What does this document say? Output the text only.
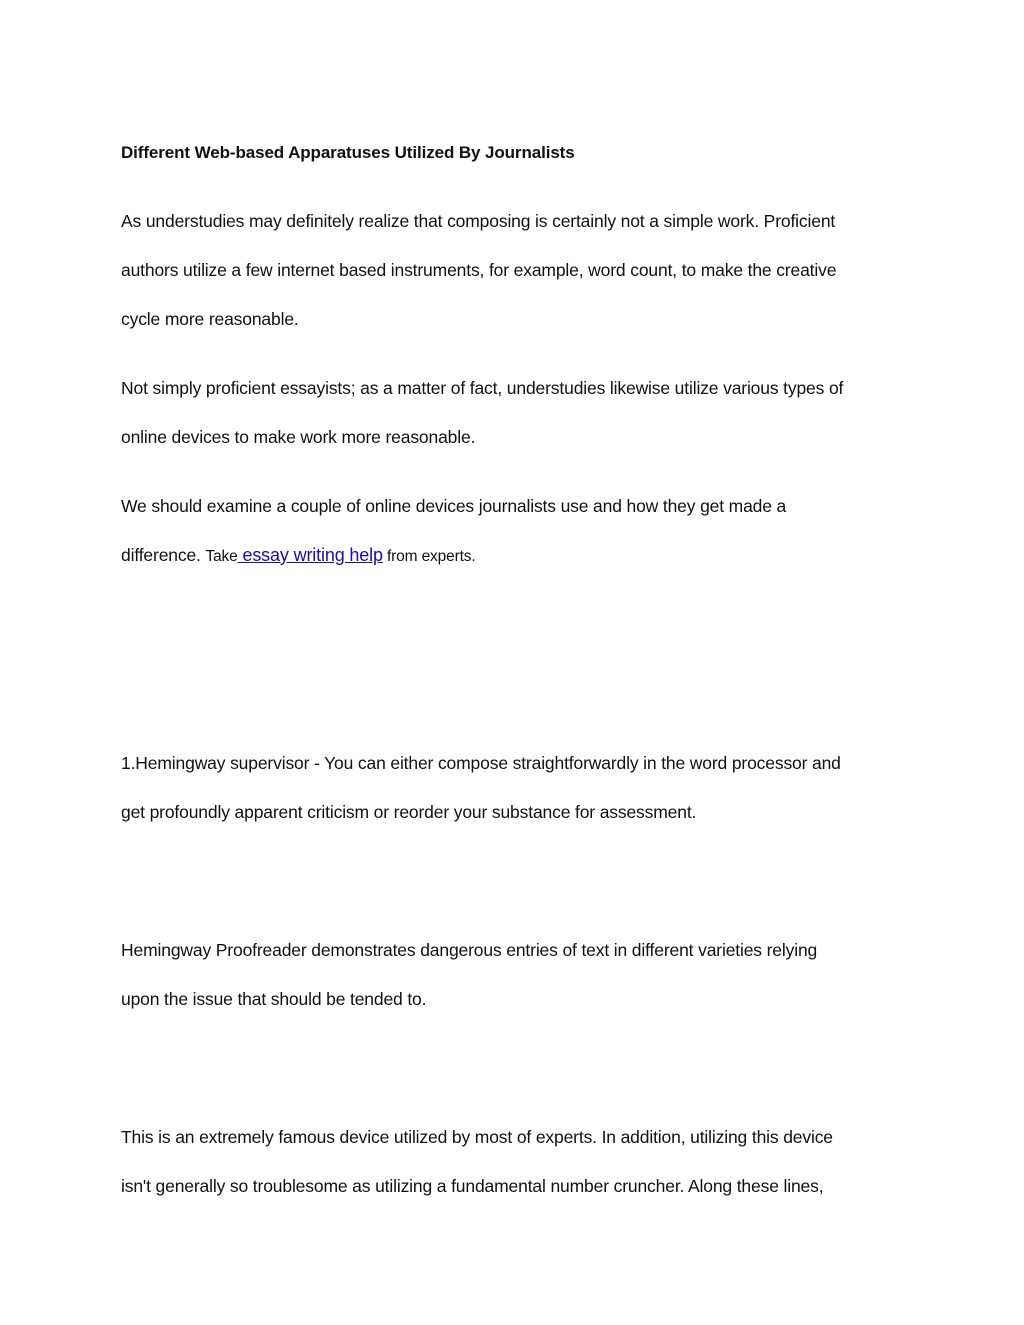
Different Web-based Apparatuses Utilized By Journalists

As understudies may definitely realize that composing is certainly not a simple work. Proficient
authors utilize a few internet based instruments, for example, word count, to make the creative
cycle more reasonable.

Not simply proficient essayists; as a matter of fact, understudies likewise utilize various types of
online devices to make work more reasonable.

We should examine a couple of online devices journalists use and how they get made a
difference. Take essay writing help from experts.

1.Hemingway supervisor - You can either compose straightforwardly in the word processor and
get profoundly apparent criticism or reorder your substance for assessment.

Hemingway Proofreader demonstrates dangerous entries of text in different varieties relying
upon the issue that should be tended to.

This is an extremely famous device utilized by most of experts. In addition, utilizing this device
isn't generally so troublesome as utilizing a fundamental number cruncher. Along these lines,
